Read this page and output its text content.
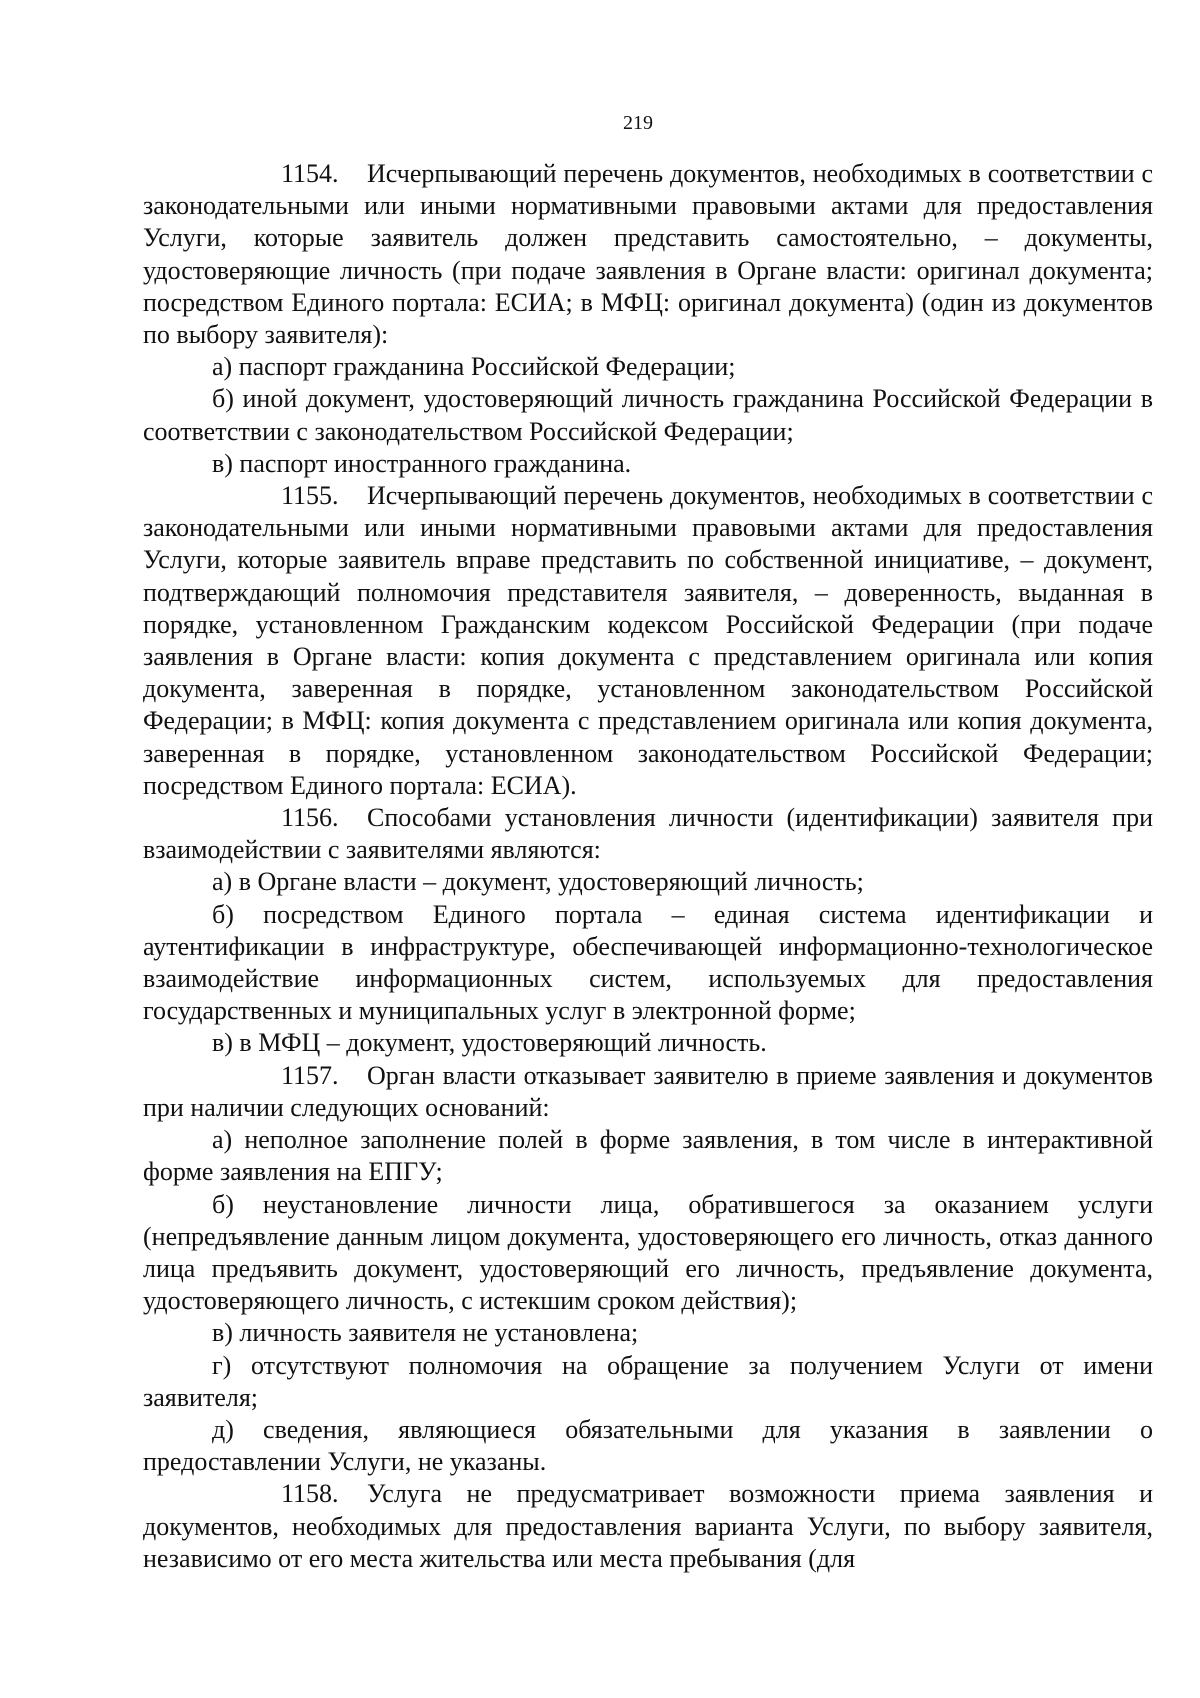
219

1154. Исчерпывающий перечень документов, необходимых в соответствии с законодательными или иными нормативными правовыми актами для предоставления Услуги, которые заявитель должен представить самостоятельно, – документы, удостоверяющие личность (при подаче заявления в Органе власти: оригинал документа; посредством Единого портала: ЕСИА; в МФЦ: оригинал документа) (один из документов по выбору заявителя):

а) паспорт гражданина Российской Федерации;

б) иной документ, удостоверяющий личность гражданина Российской Федерации в соответствии с законодательством Российской Федерации;

в) паспорт иностранного гражданина.

1155. Исчерпывающий перечень документов, необходимых в соответствии с законодательными или иными нормативными правовыми актами для предоставления Услуги, которые заявитель вправе представить по собственной инициативе, – документ, подтверждающий полномочия представителя заявителя, – доверенность, выданная в порядке, установленном Гражданским кодексом Российской Федерации (при подаче заявления в Органе власти: копия документа с представлением оригинала или копия документа, заверенная в порядке, установленном законодательством Российской Федерации; в МФЦ: копия документа с представлением оригинала или копия документа, заверенная в порядке, установленном законодательством Российской Федерации; посредством Единого портала: ЕСИА).

1156. Способами установления личности (идентификации) заявителя при взаимодействии с заявителями являются:

а) в Органе власти – документ, удостоверяющий личность;

б) посредством Единого портала – единая система идентификации и аутентификации в инфраструктуре, обеспечивающей информационно-технологическое взаимодействие информационных систем, используемых для предоставления государственных и муниципальных услуг в электронной форме;

в) в МФЦ – документ, удостоверяющий личность.

1157. Орган власти отказывает заявителю в приеме заявления и документов при наличии следующих оснований:

а) неполное заполнение полей в форме заявления, в том числе в интерактивной форме заявления на ЕПГУ;

б) неустановление личности лица, обратившегося за оказанием услуги (непредъявление данным лицом документа, удостоверяющего его личность, отказ данного лица предъявить документ, удостоверяющий его личность, предъявление документа, удостоверяющего личность, с истекшим сроком действия);

в) личность заявителя не установлена;

г) отсутствуют полномочия на обращение за получением Услуги от имени заявителя;

д) сведения, являющиеся обязательными для указания в заявлении о предоставлении Услуги, не указаны.

1158. Услуга не предусматривает возможности приема заявления и документов, необходимых для предоставления варианта Услуги, по выбору заявителя, независимо от его места жительства или места пребывания (для
